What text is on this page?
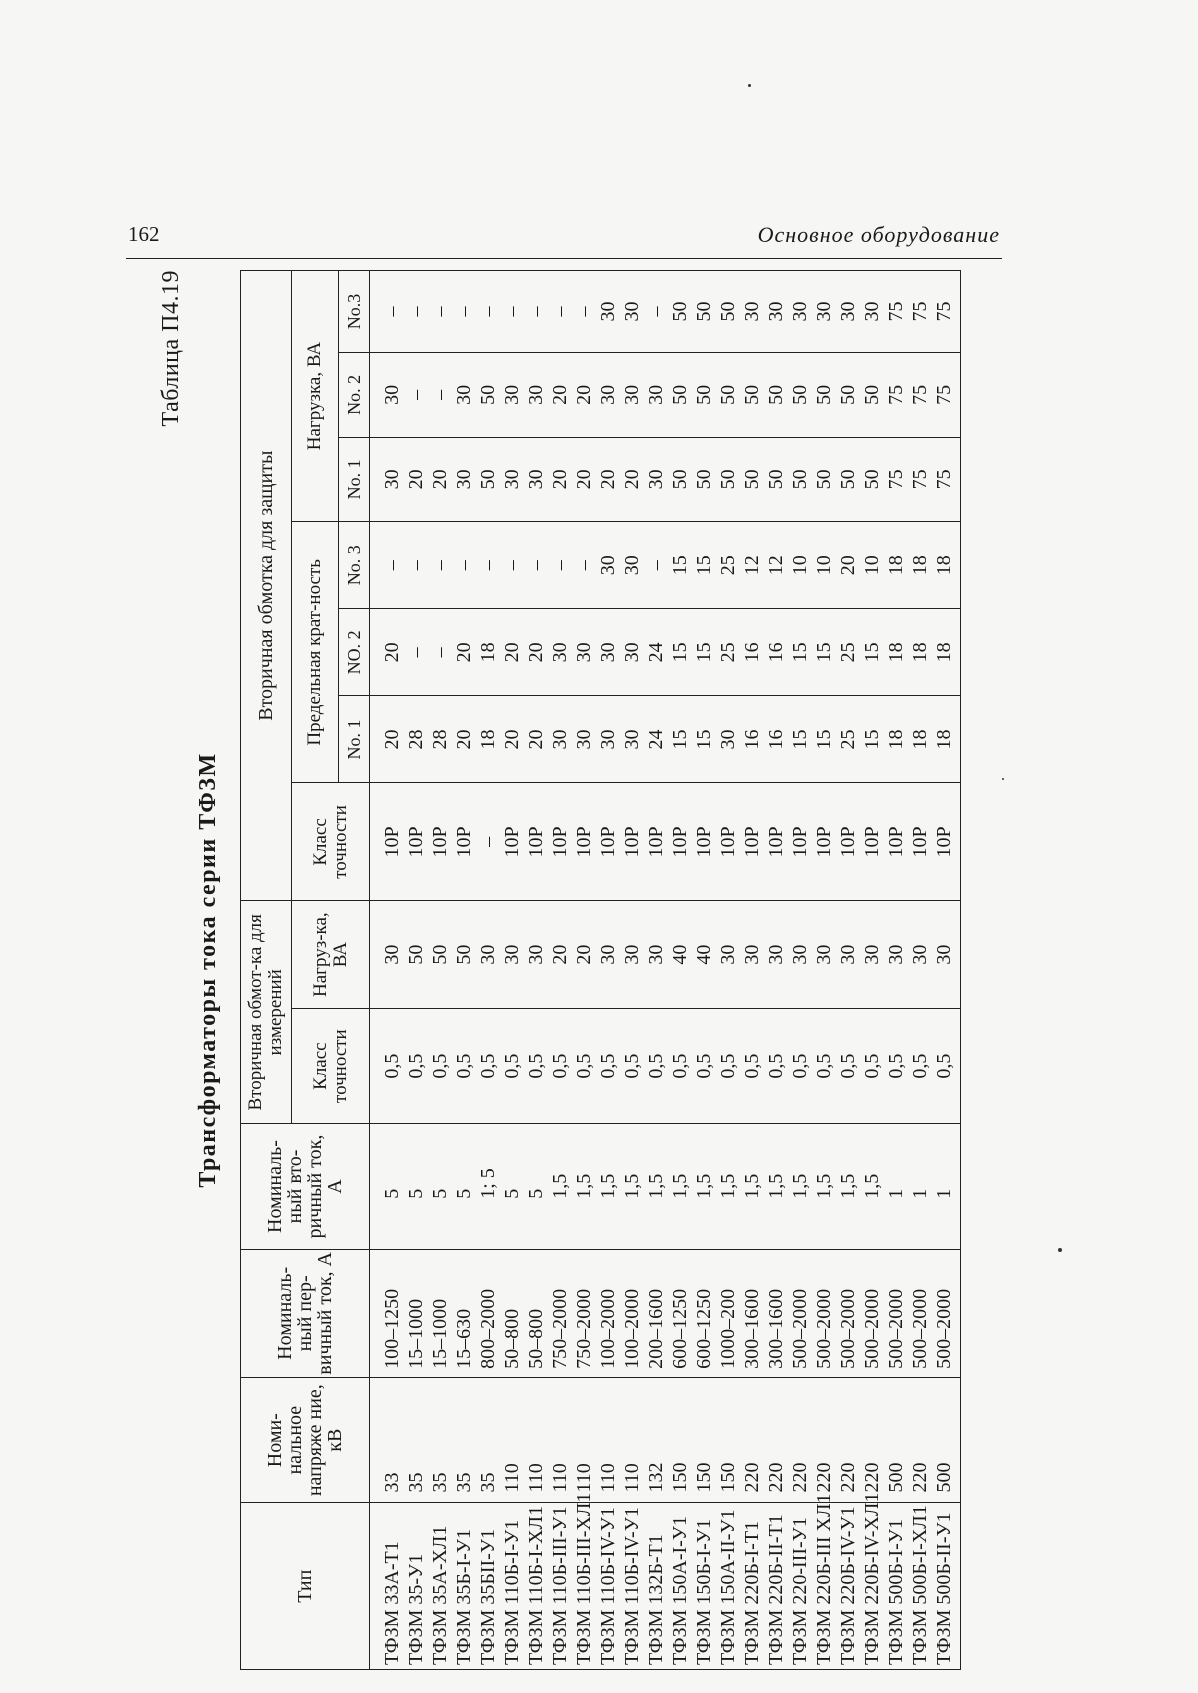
162	Основное оборудование
Таблица П4.19
Трансформаторы тока серии ТФЗМ
Тип	Номи-нальное напряже ние, кВ	Номиналь-ный пер-вичный ток, А	Номиналь-ный вто-ричный ток, А	Вторичная обмот-ка для измерений		Вторичная обмотка для защиты						
				Класс точности	Нагруз-ка, ВА	Класс точности	Предельная крат-ность			Нагрузка, ВА		
							No. 1	NO. 2	No. 3	No. 1	No. 2	No.3
ТФЗМ 33А-Т1	33	100–1250	5	0,5	30	10Р	20	20	–	30	30	–
ТФЗМ 35-У1	35	15–1000	5	0,5	50	10Р	28	–	–	20	–	–
ТФЗМ 35А-ХЛ1	35	15–1000	5	0,5	50	10Р	28	–	–	20	–	–
ТФЗМ 35Б-I-У1	35	15–630	5	0,5	50	10Р	20	20	–	30	30	–
ТФЗМ 35БII-У1	35	800–2000	1; 5	0,5	30	–	18	18	–	50	50	–
ТФЗМ 110Б-I-У1	110	50–800	5	0,5	30	10Р	20	20	–	30	30	–
ТФЗМ 110Б-I-ХЛ1	110	50–800	5	0,5	30	10Р	20	20	–	30	30	–
ТФЗМ 110Б-III-У1	110	750–2000	1,5	0,5	20	10Р	30	30	–	20	20	–
ТФЗМ 110Б-III-ХЛ1	110	750–2000	1,5	0,5	20	10Р	30	30	–	20	20	–
ТФЗМ 110Б-IV-У1	110	100–2000	1,5	0,5	30	10Р	30	30	30	20	30	30
ТФЗМ 110Б-IV-У1	110	100–2000	1,5	0,5	30	10Р	30	30	30	20	30	30
ТФЗМ 132Б-Т1	132	200–1600	1,5	0,5	30	10Р	24	24	–	30	30	–
ТФЗМ 150А-I-У1	150	600–1250	1,5	0,5	40	10Р	15	15	15	50	50	50
ТФЗМ 150Б-I-У1	150	600–1250	1,5	0,5	40	10Р	15	15	15	50	50	50
ТФЗМ 150А-II-У1	150	1000–200	1,5	0,5	30	10Р	30	25	25	50	50	50
ТФЗМ 220Б-I-Т1	220	300–1600	1,5	0,5	30	10Р	16	16	12	50	50	30
ТФЗМ 220Б-II-Т1	220	300–1600	1,5	0,5	30	10Р	16	16	12	50	50	30
ТФЗМ 220-III-У1	220	500–2000	1,5	0,5	30	10Р	15	15	10	50	50	30
ТФЗМ 220Б-III ХЛ1	220	500–2000	1,5	0,5	30	10Р	15	15	10	50	50	30
ТФЗМ 220Б-IV-У1	220	500–2000	1,5	0,5	30	10Р	25	25	20	50	50	30
ТФЗМ 220Б-IV-ХЛ1	220	500–2000	1,5	0,5	30	10Р	15	15	10	50	50	30
ТФЗМ 500Б-I-У1	500	500–2000	1	0,5	30	10Р	18	18	18	75	75	75
ТФЗМ 500Б-I-ХЛ1	220	500–2000	1	0,5	30	10Р	18	18	18	75	75	75
ТФЗМ 500Б-II-У1	500	500–2000	1	0,5	30	10Р	18	18	18	75	75	75
